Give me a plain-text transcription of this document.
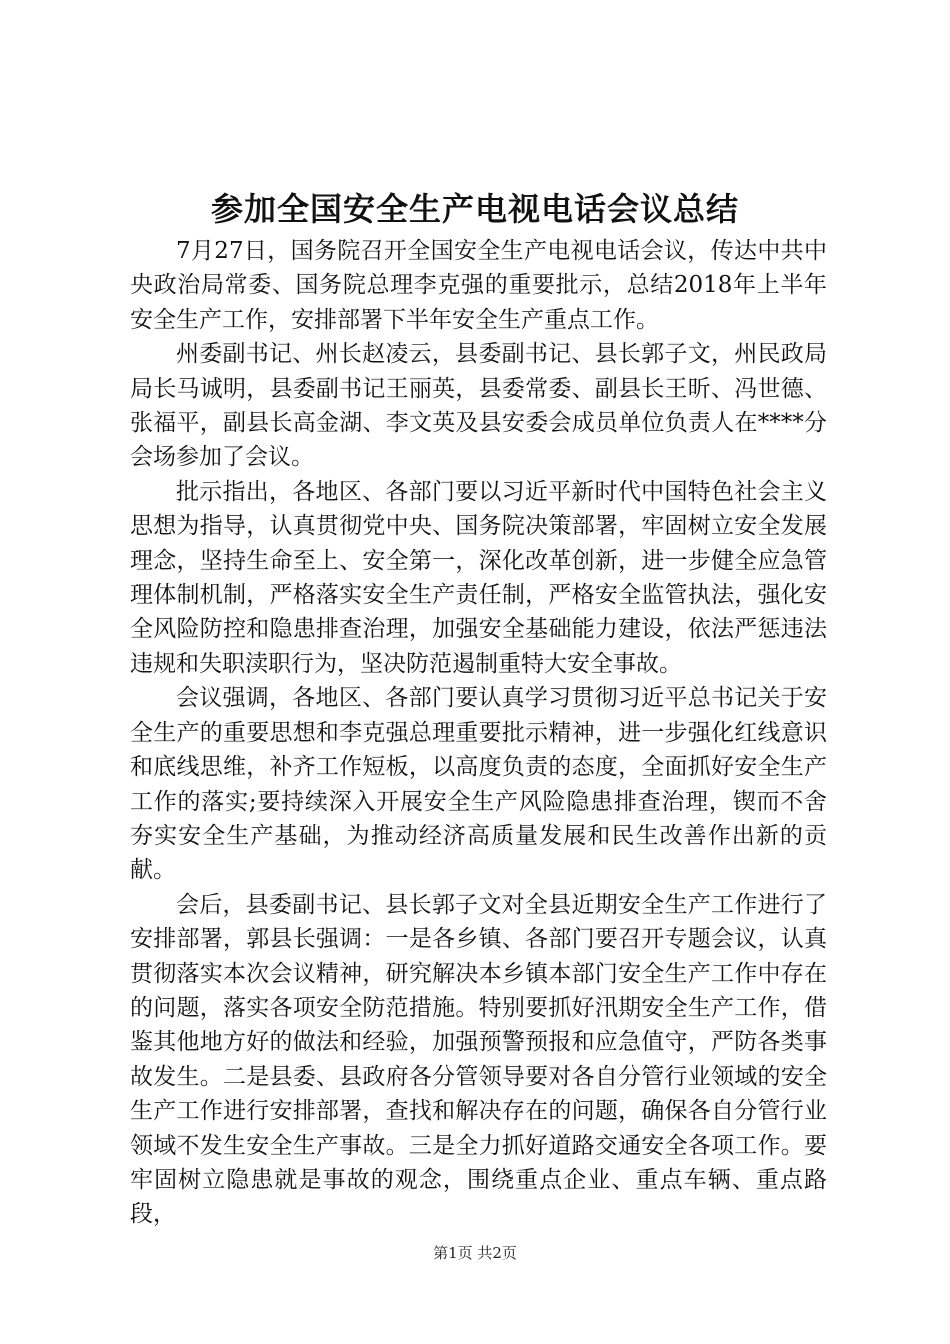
参加全国安全生产电视电话会议总结

7月27日，国务院召开全国安全生产电视电话会议，传达中共中央政治局常委、国务院总理李克强的重要批示，总结2018年上半年安全生产工作，安排部署下半年安全生产重点工作。

州委副书记、州长赵凌云，县委副书记、县长郭子文，州民政局局长马诚明，县委副书记王丽英，县委常委、副县长王昕、冯世德、张福平，副县长高金湖、李文英及县安委会成员单位负责人在****分会场参加了会议。

批示指出，各地区、各部门要以习近平新时代中国特色社会主义思想为指导，认真贯彻党中央、国务院决策部署，牢固树立安全发展理念，坚持生命至上、安全第一，深化改革创新，进一步健全应急管理体制机制，严格落实安全生产责任制，严格安全监管执法，强化安全风险防控和隐患排查治理，加强安全基础能力建设，依法严惩违法违规和失职渎职行为，坚决防范遏制重特大安全事故。

会议强调，各地区、各部门要认真学习贯彻习近平总书记关于安全生产的重要思想和李克强总理重要批示精神，进一步强化红线意识和底线思维，补齐工作短板，以高度负责的态度，全面抓好安全生产工作的落实;要持续深入开展安全生产风险隐患排查治理，锲而不舍夯实安全生产基础，为推动经济高质量发展和民生改善作出新的贡献。

会后，县委副书记、县长郭子文对全县近期安全生产工作进行了安排部署，郭县长强调：一是各乡镇、各部门要召开专题会议，认真贯彻落实本次会议精神，研究解决本乡镇本部门安全生产工作中存在的问题，落实各项安全防范措施。特别要抓好汛期安全生产工作，借鉴其他地方好的做法和经验，加强预警预报和应急值守，严防各类事故发生。二是县委、县政府各分管领导要对各自分管行业领域的安全生产工作进行安排部署，查找和解决存在的问题，确保各自分管行业领域不发生安全生产事故。三是全力抓好道路交通安全各项工作。要牢固树立隐患就是事故的观念，围绕重点企业、重点车辆、重点路段，

第1页 共2页
